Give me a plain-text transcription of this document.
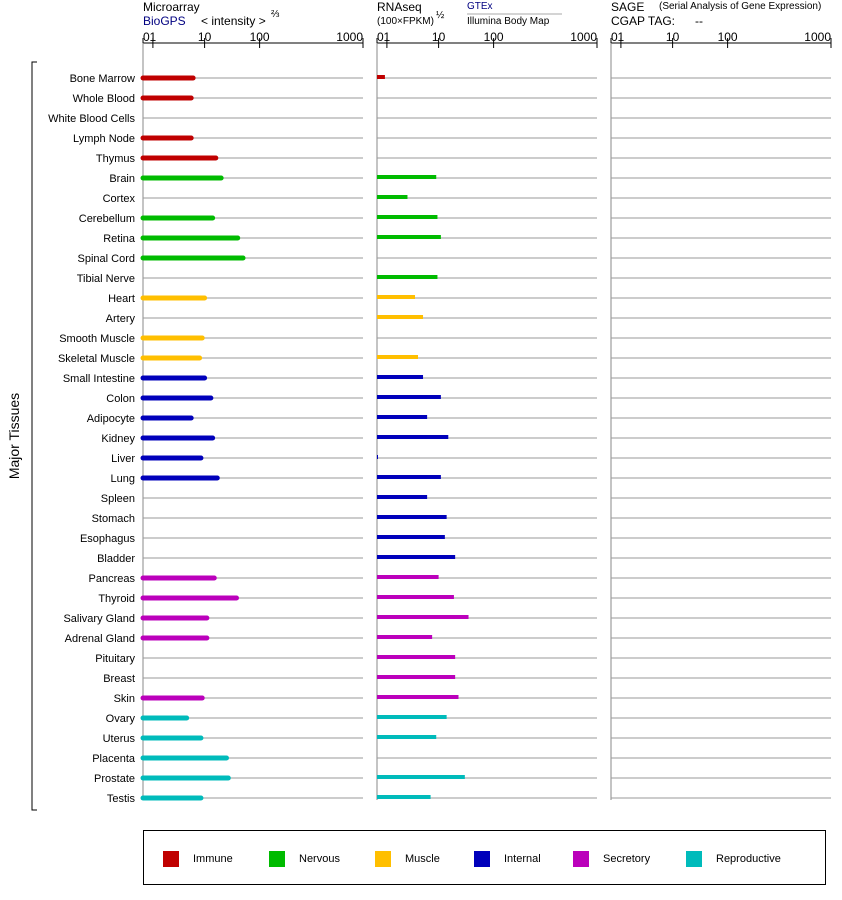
0 1	10	100	1000 0 1	10	100	1000 0 1	10	100	1000
Bone Marrow
Whole Blood
White Blood Cells
Lymph Node
Thymus
Brain
Cortex
Cerebellum
Retina
Spinal Cord
Tibial Nerve
Heart
Artery
Smooth Muscle
Skeletal Muscle
Small Intestine
Colon
Adipocyte
Kidney
Liver
Lung
Spleen
Stomach
Esophagus
Bladder
Pancreas
Thyroid
Salivary Gland
Adrenal Gland
Pituitary
Breast
Skin
Ovary
Uterus
Placenta
Prostate
Testis
Major Tissues
Microarray
BioGPS < intensity > ⅔
RNAseq
(100×FPKM)
½
GTEx
Illumina Body Map
SAGE (Serial Analysis of Gene Expression)
CGAP TAG: --
Immune	Nervous	Muscle	Internal	Secretory	Reproductive
